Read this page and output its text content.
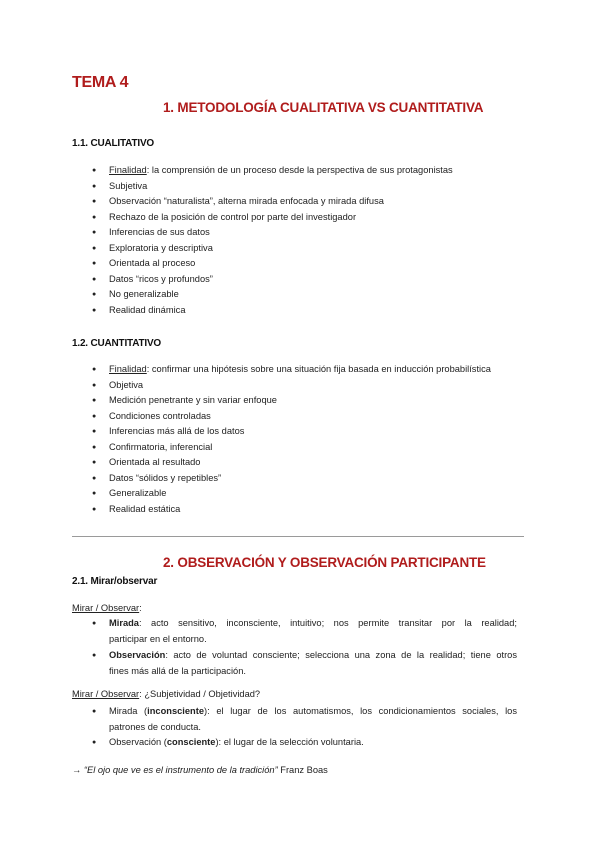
TEMA 4
1. METODOLOGÍA CUALITATIVA VS CUANTITATIVA
1.1. CUALITATIVO
● Finalidad: la comprensión de un proceso desde la perspectiva de sus protagonistas
● Subjetiva
● Observación “naturalista”, alterna mirada enfocada y mirada difusa
● Rechazo de la posición de control por parte del investigador
● Inferencias de sus datos
● Exploratoria y descriptiva
● Orientada al proceso
● Datos “ricos y profundos”
● No generalizable
● Realidad dinámica
1.2. CUANTITATIVO
● Finalidad: confirmar una hipótesis sobre una situación fija basada en inducción probabilística
● Objetiva
● Medición penetrante y sin variar enfoque
● Condiciones controladas
● Inferencias más allá de los datos
● Confirmatoria, inferencial
● Orientada al resultado
● Datos “sólidos y repetibles”
● Generalizable
● Realidad estática
2. OBSERVACIÓN Y OBSERVACIÓN PARTICIPANTE
2.1. Mirar/observar
Mirar / Observar:
● Mirada: acto sensitivo, inconsciente, intuitivo; nos permite transitar por la realidad;
participar en el entorno.
● Observación: acto de voluntad consciente; selecciona una zona de la realidad; tiene otros
fines más allá de la participación.
Mirar / Observar: ¿Subjetividad / Objetividad?
● Mirada (inconsciente): el lugar de los automatismos, los condicionamientos sociales, los
patrones de conducta.
● Observación (consciente): el lugar de la selección voluntaria.
→ “El ojo que ve es el instrumento de la tradición” Franz Boas
